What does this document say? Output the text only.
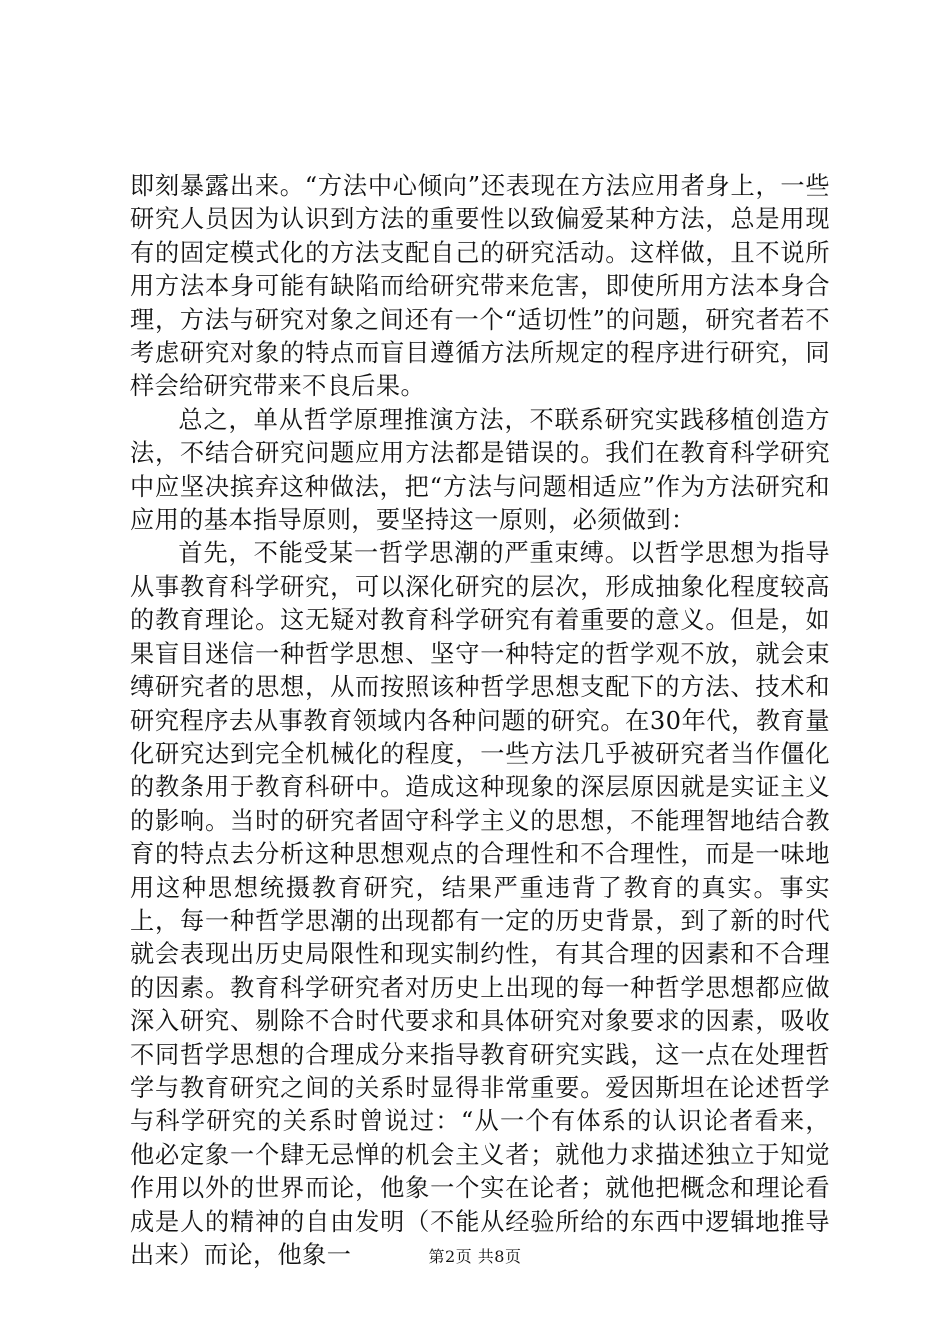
即刻暴露出来。“方法中心倾向”还表现在方法应用者身上，一些研究人员因为认识到方法的重要性以致偏爱某种方法，总是用现有的固定模式化的方法支配自己的研究活动。这样做，且不说所用方法本身可能有缺陷而给研究带来危害，即使所用方法本身合理，方法与研究对象之间还有一个“适切性”的问题，研究者若不考虑研究对象的特点而盲目遵循方法所规定的程序进行研究，同样会给研究带来不良后果。

总之，单从哲学原理推演方法，不联系研究实践移植创造方法，不结合研究问题应用方法都是错误的。我们在教育科学研究中应坚决摈弃这种做法，把“方法与问题相适应”作为方法研究和应用的基本指导原则，要坚持这一原则，必须做到：

首先，不能受某一哲学思潮的严重束缚。以哲学思想为指导从事教育科学研究，可以深化研究的层次，形成抽象化程度较高的教育理论。这无疑对教育科学研究有着重要的意义。但是，如果盲目迷信一种哲学思想、坚守一种特定的哲学观不放，就会束缚研究者的思想，从而按照该种哲学思想支配下的方法、技术和研究程序去从事教育领域内各种问题的研究。在30年代，教育量化研究达到完全机械化的程度，一些方法几乎被研究者当作僵化的教条用于教育科研中。造成这种现象的深层原因就是实证主义的影响。当时的研究者固守科学主义的思想，不能理智地结合教育的特点去分析这种思想观点的合理性和不合理性，而是一味地用这种思想统摄教育研究，结果严重违背了教育的真实。事实上，每一种哲学思潮的出现都有一定的历史背景，到了新的时代就会表现出历史局限性和现实制约性，有其合理的因素和不合理的因素。教育科学研究者对历史上出现的每一种哲学思想都应做深入研究、剔除不合时代要求和具体研究对象要求的因素，吸收不同哲学思想的合理成分来指导教育研究实践，这一点在处理哲学与教育研究之间的关系时显得非常重要。爱因斯坦在论述哲学与科学研究的关系时曾说过：“从一个有体系的认识论者看来，他必定象一个肆无忌惮的机会主义者；就他力求描述独立于知觉作用以外的世界而论，他象一个实在论者；就他把概念和理论看成是人的精神的自由发明（不能从经验所给的东西中逻辑地推导出来）而论，他象一	第2页 共8页
